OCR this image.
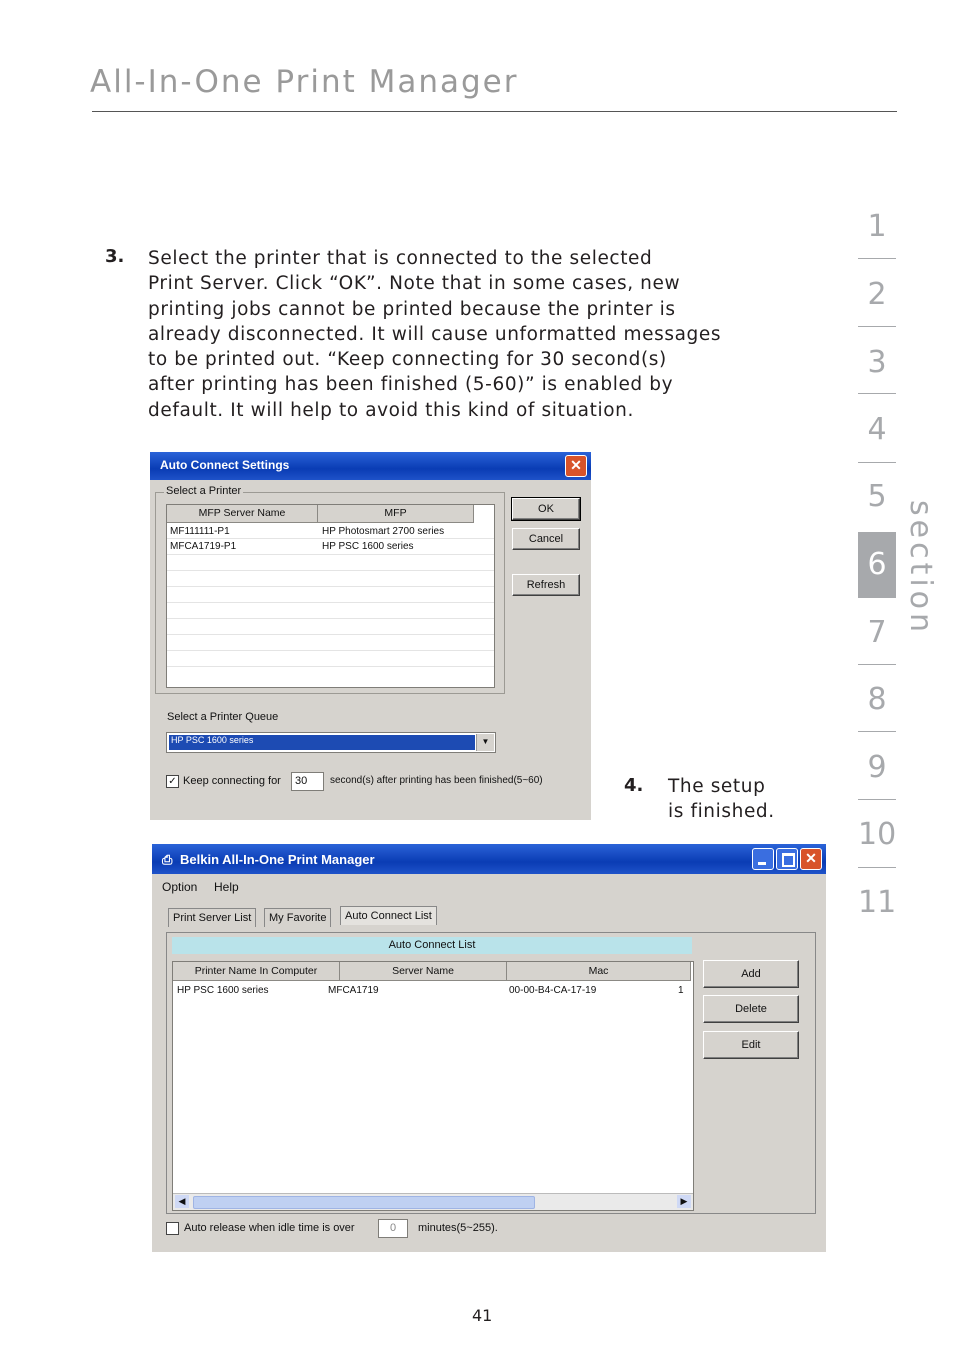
All-In-One Print Manager
1
2
3
4
5
6
7
8
9
10
11
section
3. Select the printer that is connected to the selected
Print Server. Click “OK”. Note that in some cases, new
printing jobs cannot be printed because the printer is
already disconnected. It will cause unformatted messages
to be printed out. “Keep connecting for 30 second(s)
after printing has been finished (5-60)” is enabled by
default. It will help to avoid this kind of situation.
Auto Connect Settings	✕
Select a Printer
MFP Server Name	MFP
MF111111-P1	HP Photosmart 2700 series
MFCA1719-P1	HP PSC 1600 series
OK
Cancel
Refresh
Select a Printer Queue
HP PSC 1600 series	▼
✓ Keep connecting for	30	second(s) after printing has been finished(5~60)	4. The setup
is finished.
⎙ Belkin All-In-One Print Manager	✕
Option Help
Print Server List	My Favorite	Auto Connect List
Auto Connect List
Printer Name In Computer	Server Name	Mac
HP PSC 1600 series	MFCA1719	00-00-B4-CA-17-19	1
◀	▶
Add
Delete
Edit
Auto release when idle time is over	0	minutes(5~255).
41
